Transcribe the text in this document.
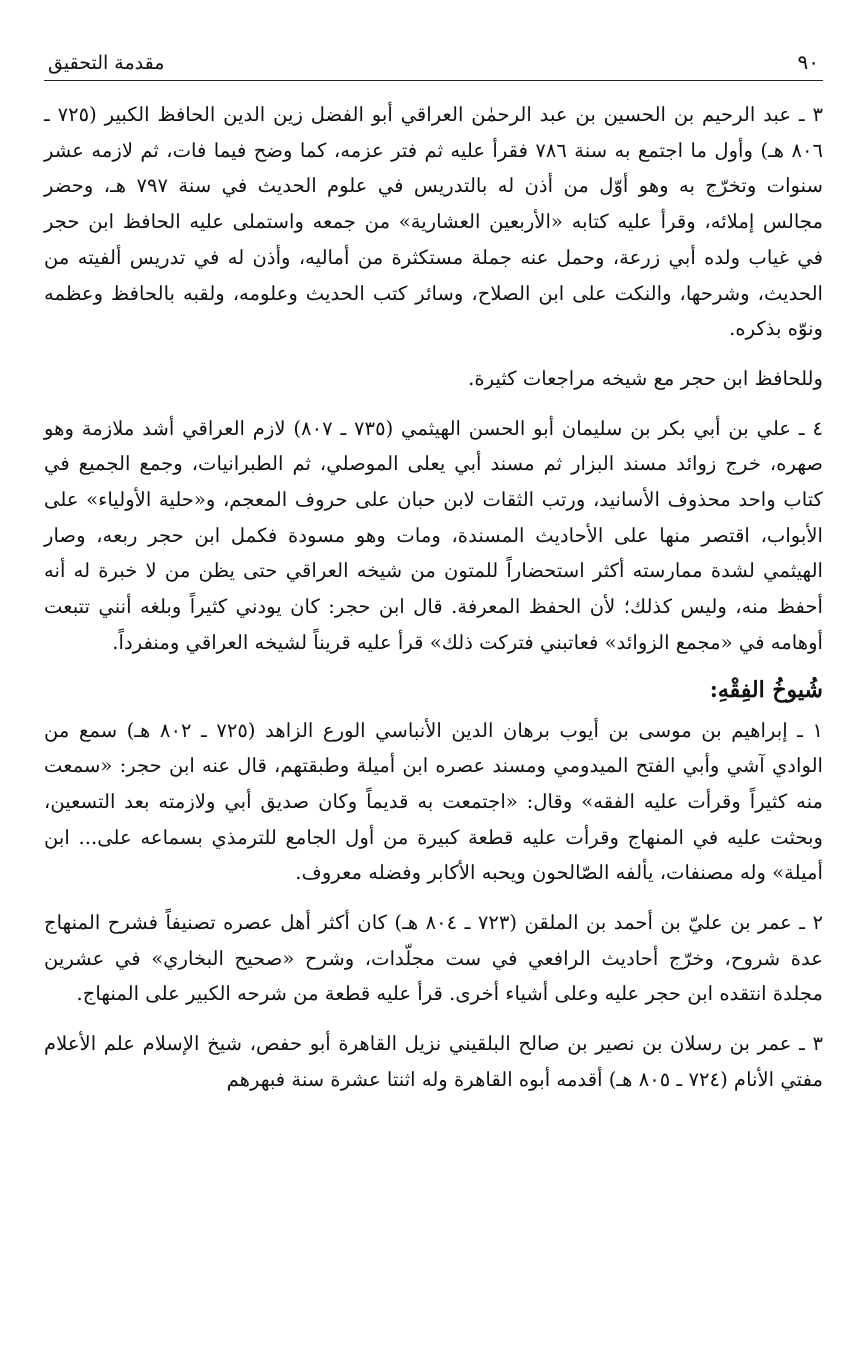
٩٠
مقدمة التحقيق

٣ ـ عبد الرحيم بن الحسين بن عبد الرحمٰن العراقي أبو الفضل زين الدين الحافظ الكبير (٧٢٥ ـ ٨٠٦ هـ) وأول ما اجتمع به سنة ٧٨٦ فقرأ عليه ثم فتر عزمه، كما وضح فيما فات، ثم لازمه عشر سنوات وتخرّج به وهو أوّل من أذن له بالتدريس في علوم الحديث في سنة ٧٩٧ هـ، وحضر مجالس إملائه، وقرأ عليه كتابه «الأربعين العشارية» من جمعه واستملى عليه الحافظ ابن حجر في غياب ولده أبي زرعة، وحمل عنه جملة مستكثرة من أماليه، وأذن له في تدريس ألفيته من الحديث، وشرحها، والنكت على ابن الصلاح، وسائر كتب الحديث وعلومه، ولقبه بالحافظ وعظمه ونوّه بذكره.

وللحافظ ابن حجر مع شيخه مراجعات كثيرة.

٤ ـ علي بن أبي بكر بن سليمان أبو الحسن الهيثمي (٧٣٥ ـ ٨٠٧) لازم العراقي أشد ملازمة وهو صهره، خرج زوائد مسند البزار ثم مسند أبي يعلى الموصلي، ثم الطبرانيات، وجمع الجميع في كتاب واحد محذوف الأسانيد، ورتب الثقات لابن حبان على حروف المعجم، و«حلية الأولياء» على الأبواب، اقتصر منها على الأحاديث المسندة، ومات وهو مسودة فكمل ابن حجر ربعه، وصار الهيثمي لشدة ممارسته أكثر استحضاراً للمتون من شيخه العراقي حتى يظن من لا خبرة له أنه أحفظ منه، وليس كذلك؛ لأن الحفظ المعرفة. قال ابن حجر: كان يودني كثيراً وبلغه أنني تتبعت أوهامه في «مجمع الزوائد» فعاتبني فتركت ذلك» قرأ عليه قريناً لشيخه العراقي ومنفرداً.

شُيوخُ الفِقْهِ:

١ ـ إبراهيم بن موسى بن أيوب برهان الدين الأنباسي الورع الزاهد (٧٢٥ ـ ٨٠٢ هـ) سمع من الوادي آشي وأبي الفتح الميدومي ومسند عصره ابن أميلة وطبقتهم، قال عنه ابن حجر: «سمعت منه كثيراً وقرأت عليه الفقه» وقال: «اجتمعت به قديماً وكان صديق أبي ولازمته بعد التسعين، وبحثت عليه في المنهاج وقرأت عليه قطعة كبيرة من أول الجامع للترمذي بسماعه على... ابن أميلة» وله مصنفات، يألفه الصّالحون ويحبه الأكابر وفضله معروف.

٢ ـ عمر بن عليّ بن أحمد بن الملقن (٧٢٣ ـ ٨٠٤ هـ) كان أكثر أهل عصره تصنيفاً فشرح المنهاج عدة شروح، وخرّج أحاديث الرافعي في ست مجلّدات، وشرح «صحيح البخاري» في عشرين مجلدة انتقده ابن حجر عليه وعلى أشياء أخرى. قرأ عليه قطعة من شرحه الكبير على المنهاج.

٣ ـ عمر بن رسلان بن نصير بن صالح البلقيني نزيل القاهرة أبو حفص، شيخ الإسلام علم الأعلام مفتي الأنام (٧٢٤ ـ ٨٠٥ هـ) أقدمه أبوه القاهرة وله اثنتا عشرة سنة فبهرهم
